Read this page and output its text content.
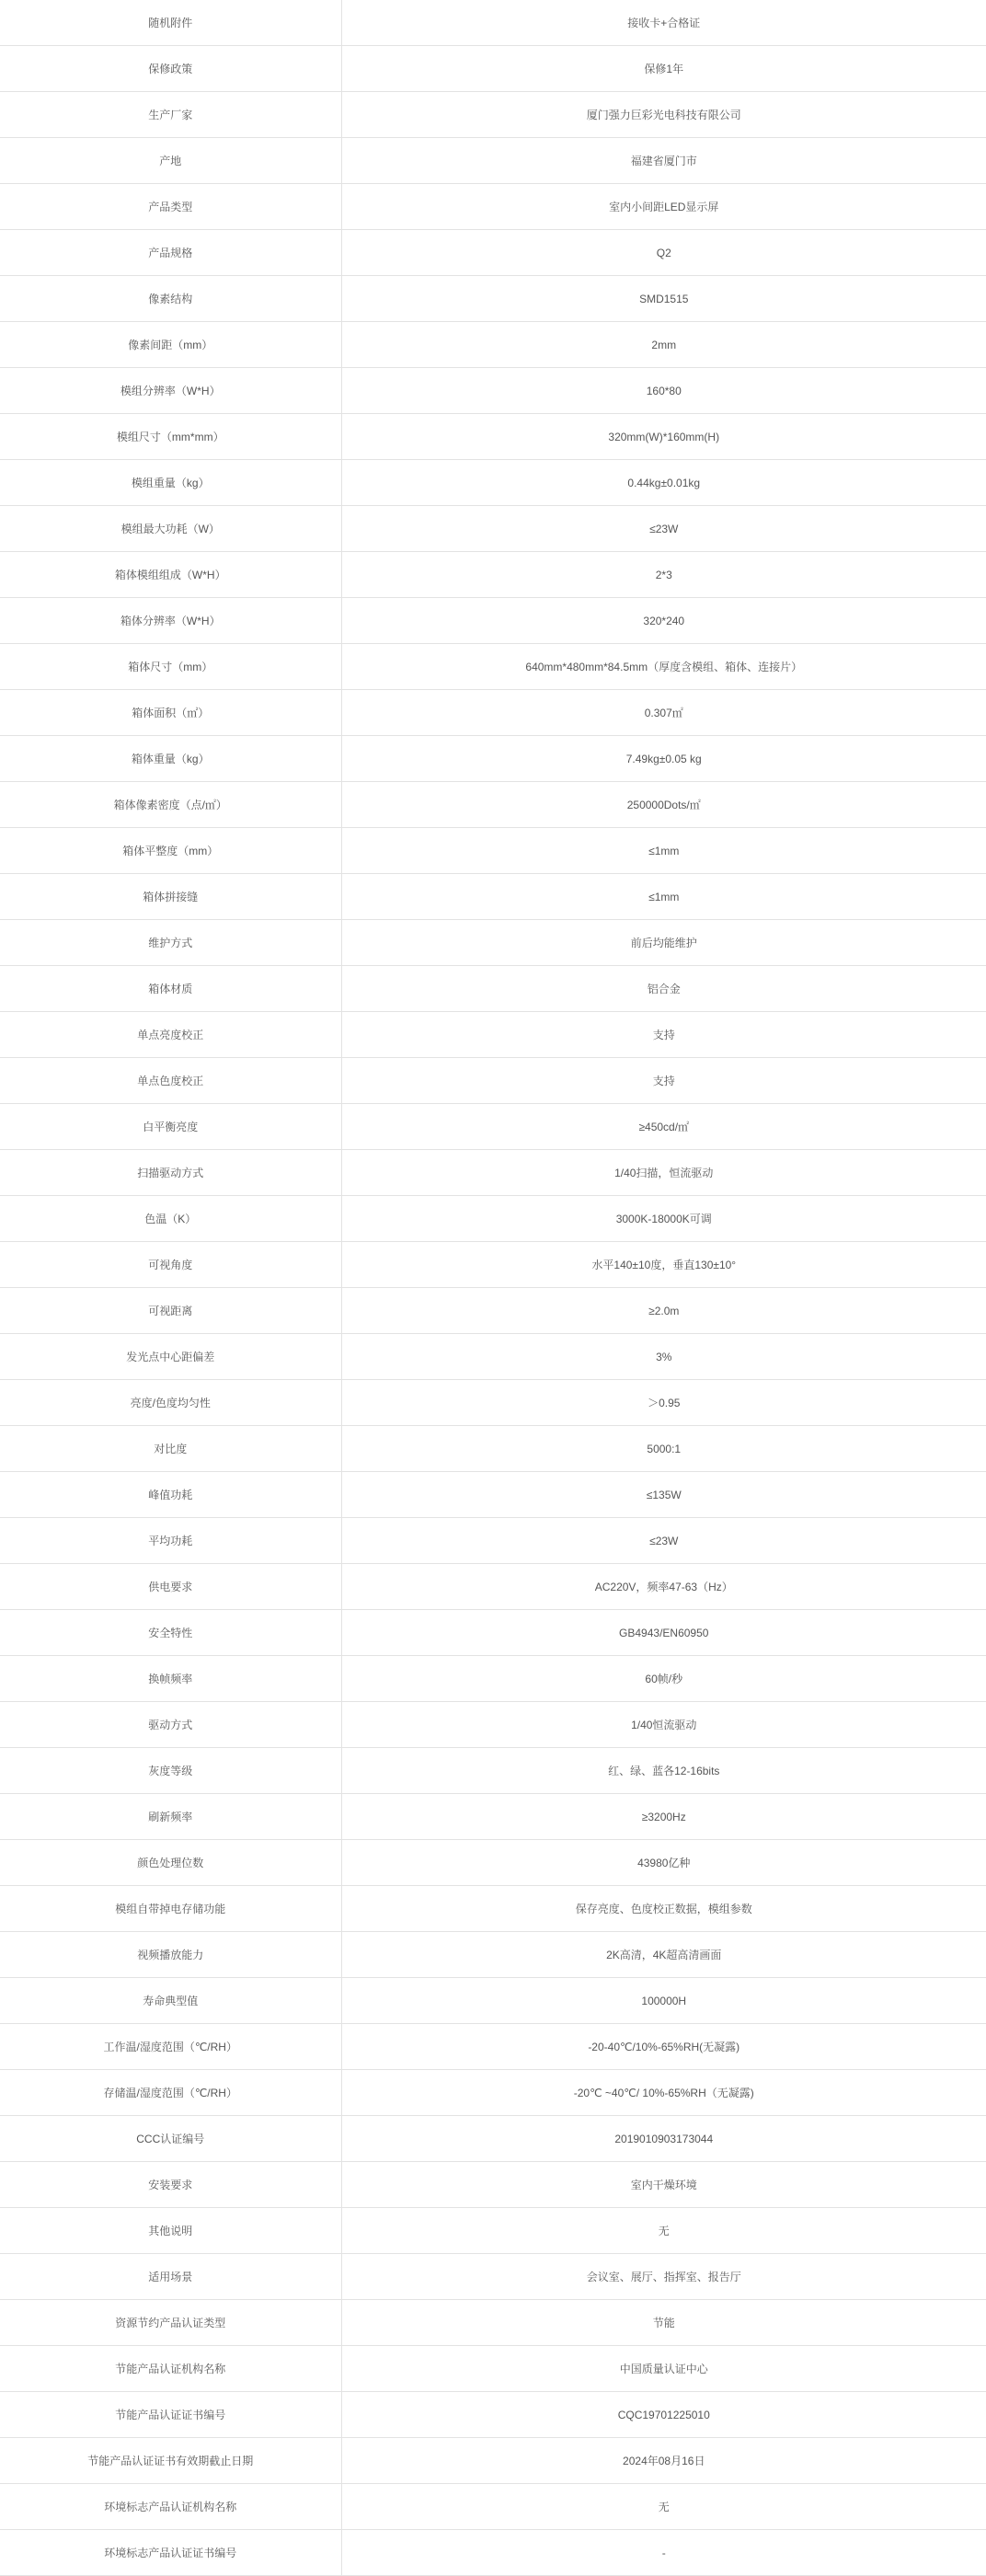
随机附件	接收卡+合格证
保修政策	保修1年
生产厂家	厦门强力巨彩光电科技有限公司
产地	福建省厦门市
产品类型	室内小间距LED显示屏
产品规格	Q2
像素结构	SMD1515
像素间距（mm）	2mm
模组分辨率（W*H）	160*80
模组尺寸（mm*mm）	320mm(W)*160mm(H)
模组重量（kg）	0.44kg±0.01kg
模组最大功耗（W）	≤23W
箱体模组组成（W*H）	2*3
箱体分辨率（W*H）	320*240
箱体尺寸（mm）	640mm*480mm*84.5mm（厚度含模组、箱体、连接片）
箱体面积（㎡）	0.307㎡
箱体重量（kg）	7.49kg±0.05 kg
箱体像素密度（点/㎡）	250000Dots/㎡
箱体平整度（mm）	≤1mm
箱体拼接缝	≤1mm
维护方式	前后均能维护
箱体材质	铝合金
单点亮度校正	支持
单点色度校正	支持
白平衡亮度	≥450cd/㎡
扫描驱动方式	1/40扫描，恒流驱动
色温（K）	3000K-18000K可调
可视角度	水平140±10度，垂直130±10°
可视距离	≥2.0m
发光点中心距偏差	3%
亮度/色度均匀性	＞0.95
对比度	5000:1
峰值功耗	≤135W
平均功耗	≤23W
供电要求	AC220V，频率47-63（Hz）
安全特性	GB4943/EN60950
换帧频率	60帧/秒
驱动方式	1/40恒流驱动
灰度等级	红、绿、蓝各12-16bits
刷新频率	≥3200Hz
颜色处理位数	43980亿种
模组自带掉电存储功能	保存亮度、色度校正数据，模组参数
视频播放能力	2K高清，4K超高清画面
寿命典型值	100000H
工作温/湿度范围（℃/RH）	-20-40℃/10%-65%RH(无凝露)
存储温/湿度范围（℃/RH）	-20℃ ~40℃/ 10%-65%RH（无凝露)
CCC认证编号	2019010903173044
安装要求	室内干燥环境
其他说明	无
适用场景	会议室、展厅、指挥室、报告厅
资源节约产品认证类型	节能
节能产品认证机构名称	中国质量认证中心
节能产品认证证书编号	CQC19701225010
节能产品认证证书有效期截止日期	2024年08月16日
环境标志产品认证机构名称	无
环境标志产品认证证书编号	-
